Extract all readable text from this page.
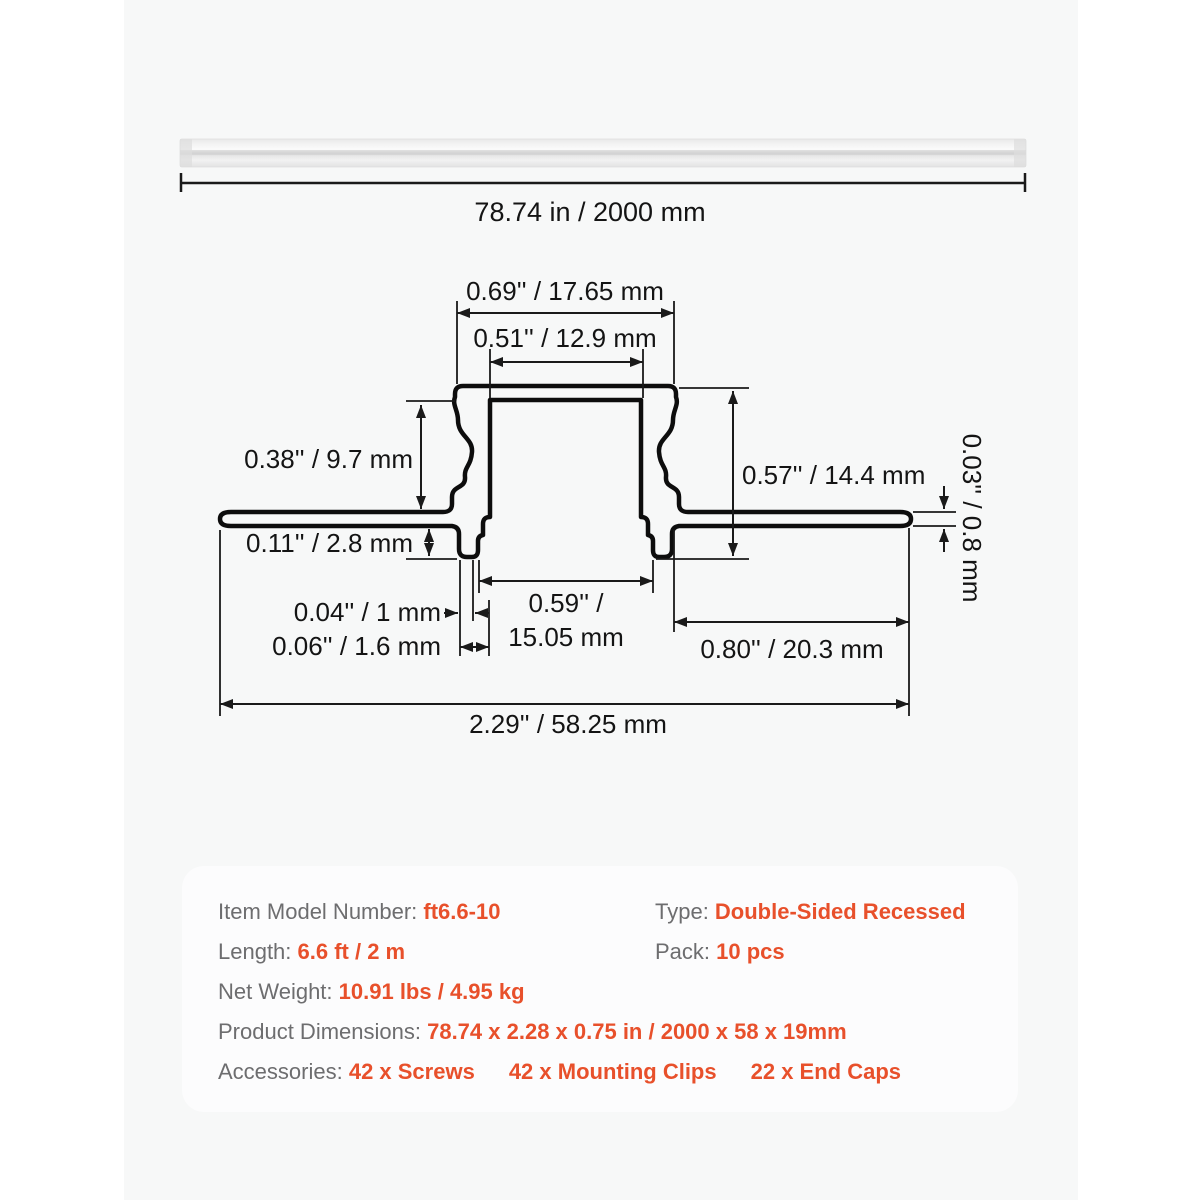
78.74 in / 2000 mm
0.69'' / 17.65 mm
0.51'' / 12.9 mm
0.38'' / 9.7 mm
0.11'' / 2.8 mm
0.57'' / 14.4 mm 0.03'' / 0.8 mm
0.04'' / 1 mm
0.06'' / 1.6 mm
0.59'' /
15.05 mm	0.80'' / 20.3 mm
2.29'' / 58.25 mm
Item Model Number: ft6.6-10
Length: 6.6 ft / 2 m
Net Weight: 10.91 lbs / 4.95 kg
Product Dimensions: 78.74 x 2.28 x 0.75 in / 2000 x 58 x 19mm
Accessories: 42 x Screws 42 x Mounting Clips 22 x End Caps
Type: Double-Sided Recessed
Pack: 10 pcs
